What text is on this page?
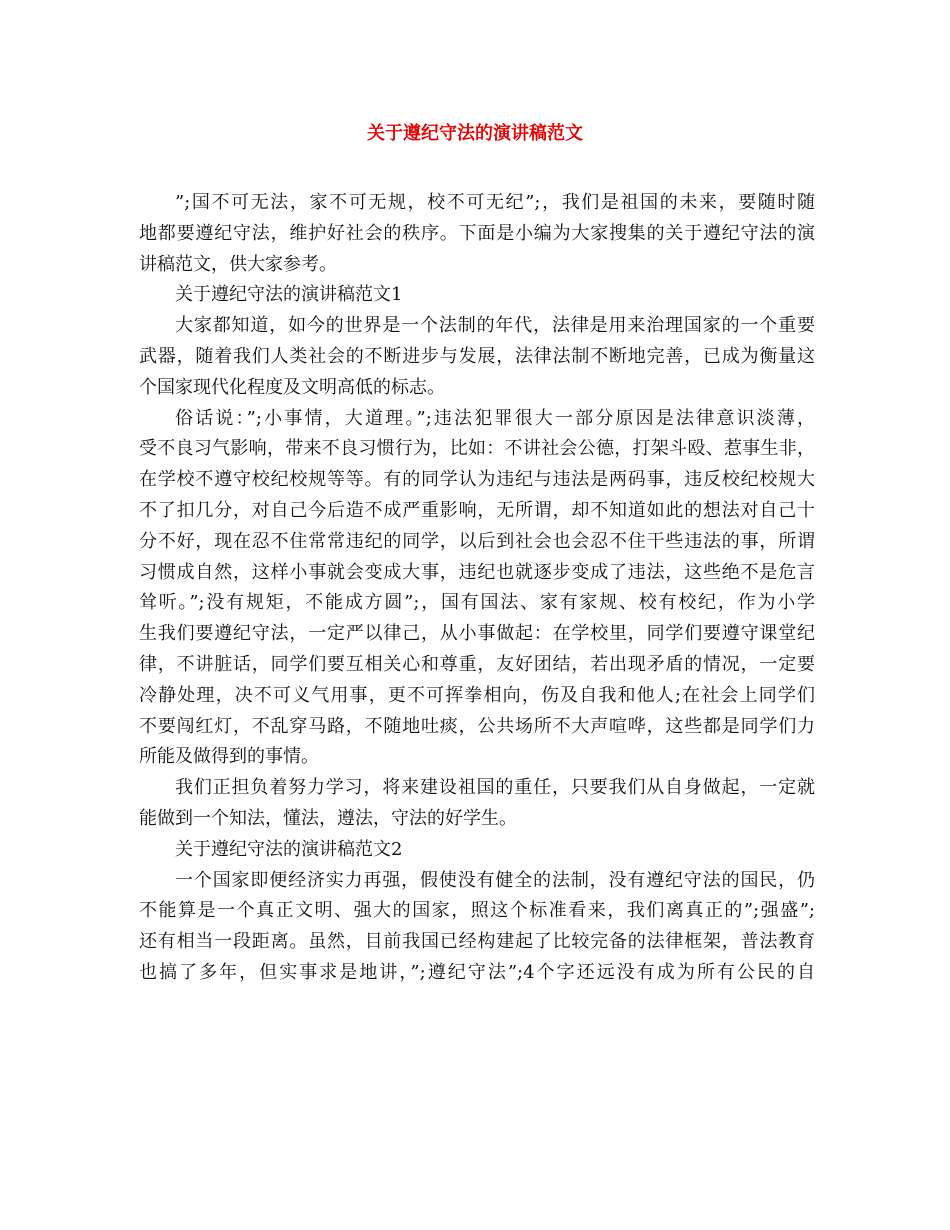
关于遵纪守法的演讲稿范文
”;国不可无法，家不可无规，校不可无纪”;，我们是祖国的未来，要随时随
地都要遵纪守法，维护好社会的秩序。下面是小编为大家搜集的关于遵纪守法的演
讲稿范文，供大家参考。
关于遵纪守法的演讲稿范文1
大家都知道，如今的世界是一个法制的年代，法律是用来治理国家的一个重要
武器，随着我们人类社会的不断进步与发展，法律法制不断地完善，已成为衡量这
个国家现代化程度及文明高低的标志。
俗话说：”;小事情，大道理。”;违法犯罪很大一部分原因是法律意识淡薄，
受不良习气影响，带来不良习惯行为，比如：不讲社会公德，打架斗殴、惹事生非，
在学校不遵守校纪校规等等。有的同学认为违纪与违法是两码事，违反校纪校规大
不了扣几分，对自己今后造不成严重影响，无所谓，却不知道如此的想法对自己十
分不好，现在忍不住常常违纪的同学，以后到社会也会忍不住干些违法的事，所谓
习惯成自然，这样小事就会变成大事，违纪也就逐步变成了违法，这些绝不是危言
耸听。”;没有规矩，不能成方圆”;，国有国法、家有家规、校有校纪，作为小学
生我们要遵纪守法，一定严以律己，从小事做起：在学校里，同学们要遵守课堂纪
律，不讲脏话，同学们要互相关心和尊重，友好团结，若出现矛盾的情况，一定要
冷静处理，决不可义气用事，更不可挥拳相向，伤及自我和他人;在社会上同学们
不要闯红灯，不乱穿马路，不随地吐痰，公共场所不大声喧哗，这些都是同学们力
所能及做得到的事情。
我们正担负着努力学习，将来建设祖国的重任，只要我们从自身做起，一定就
能做到一个知法，懂法，遵法，守法的好学生。
关于遵纪守法的演讲稿范文2
一个国家即便经济实力再强，假使没有健全的法制，没有遵纪守法的国民，仍
不能算是一个真正文明、强大的国家，照这个标准看来，我们离真正的”;强盛”;
还有相当一段距离。虽然，目前我国已经构建起了比较完备的法律框架，普法教育
也搞了多年，但实事求是地讲，”;遵纪守法”;4个字还远没有成为所有公民的自
